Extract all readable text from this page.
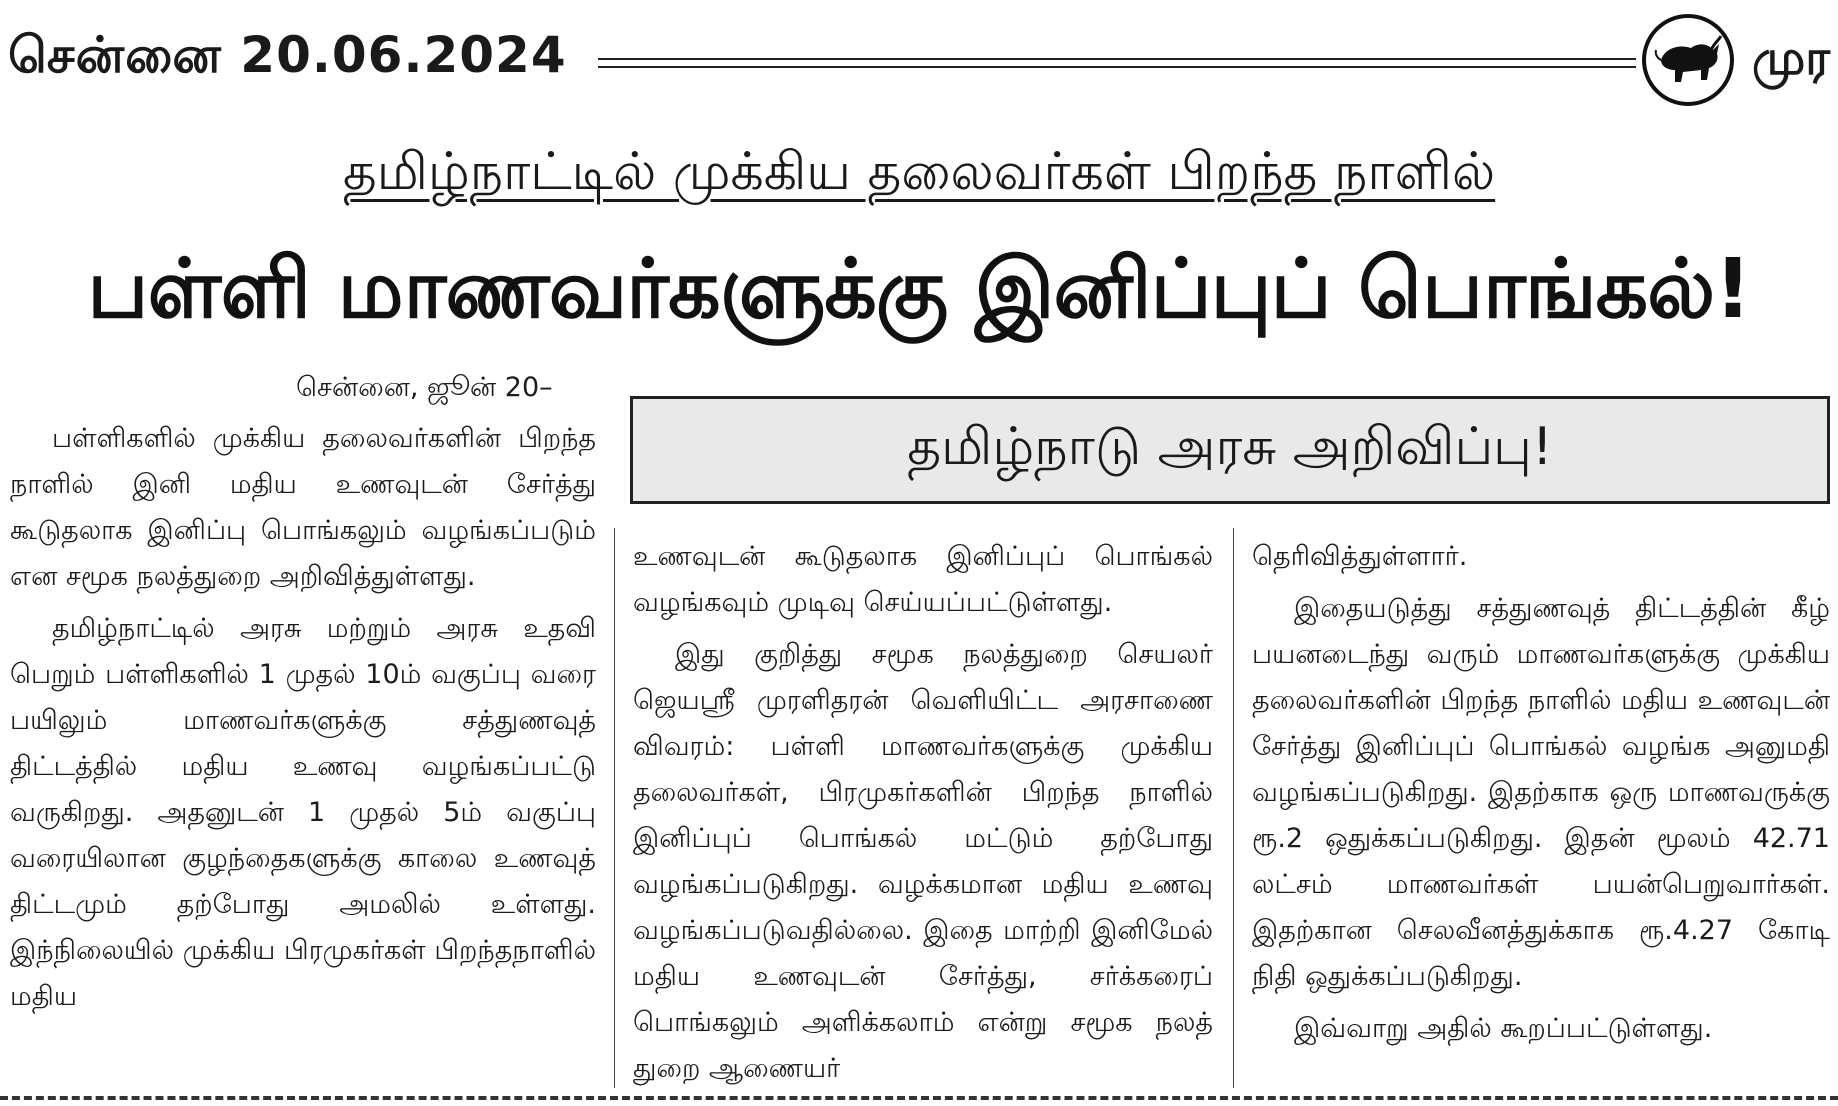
சென்னை 20.06.2024	முர
தமிழ்நாட்டில் முக்கிய தலைவர்கள் பிறந்த நாளில்
பள்ளி மாணவர்களுக்கு இனிப்புப் பொங்கல்!
சென்னை, ஜூன் 20–

பள்ளிகளில் முக்கிய தலைவர்களின் பிறந்த நாளில் இனி மதிய உணவுடன் சேர்த்து கூடுதலாக இனிப்பு பொங்கலும் வழங்கப்படும் என சமூக நலத்துறை அறிவித்துள்ளது.

தமிழ்நாட்டில் அரசு மற்றும் அரசு உதவி பெறும் பள்ளிகளில் 1 முதல் 10ம் வகுப்பு வரை பயிலும் மாணவர்களுக்கு சத்துணவுத் திட்டத்தில் மதிய உணவு வழங்கப்பட்டு வருகிறது. அதனுடன் 1 முதல் 5ம் வகுப்பு வரையிலான குழந்தைகளுக்கு காலை உணவுத் திட்டமும் தற்போது அமலில் உள்ளது. இந்நிலையில் முக்கிய பிரமுகர்கள் பிறந்தநாளில் மதிய

தமிழ்நாடு அரசு அறிவிப்பு!

உணவுடன் கூடுதலாக இனிப்புப் பொங்கல் வழங்கவும் முடிவு செய்யப்பட்டுள்ளது.

இது குறித்து சமூக நலத்துறை செயலர் ஜெயஸ்ரீ முரளிதரன் வெளியிட்ட அரசாணை விவரம்: பள்ளி மாணவர்களுக்கு முக்கிய தலைவர்கள், பிரமுகர்களின் பிறந்த நாளில் இனிப்புப் பொங்கல் மட்டும் தற்போது வழங்கப்படுகிறது. வழக்கமான மதிய உணவு வழங்கப்படுவதில்லை. இதை மாற்றி இனிமேல் மதிய உணவுடன் சேர்த்து, சர்க்கரைப் பொங்கலும் அளிக்கலாம் என்று சமூக நலத் துறை ஆணையர்

தெரிவித்துள்ளார்.

இதையடுத்து சத்துணவுத் திட்டத்தின் கீழ் பயனடைந்து வரும் மாணவர்களுக்கு முக்கிய தலைவர்களின் பிறந்த நாளில் மதிய உணவுடன் சேர்த்து இனிப்புப் பொங்கல் வழங்க அனுமதி வழங்கப்படுகிறது. இதற்காக ஒரு மாணவருக்கு ரூ.2 ஒதுக்கப்படுகிறது. இதன் மூலம் 42.71 லட்சம் மாணவர்கள் பயன்பெறுவார்கள். இதற்கான செலவீனத்துக்காக ரூ.4.27 கோடி நிதி ஒதுக்கப்படுகிறது.

இவ்வாறு அதில் கூறப்பட்டுள்ளது.
